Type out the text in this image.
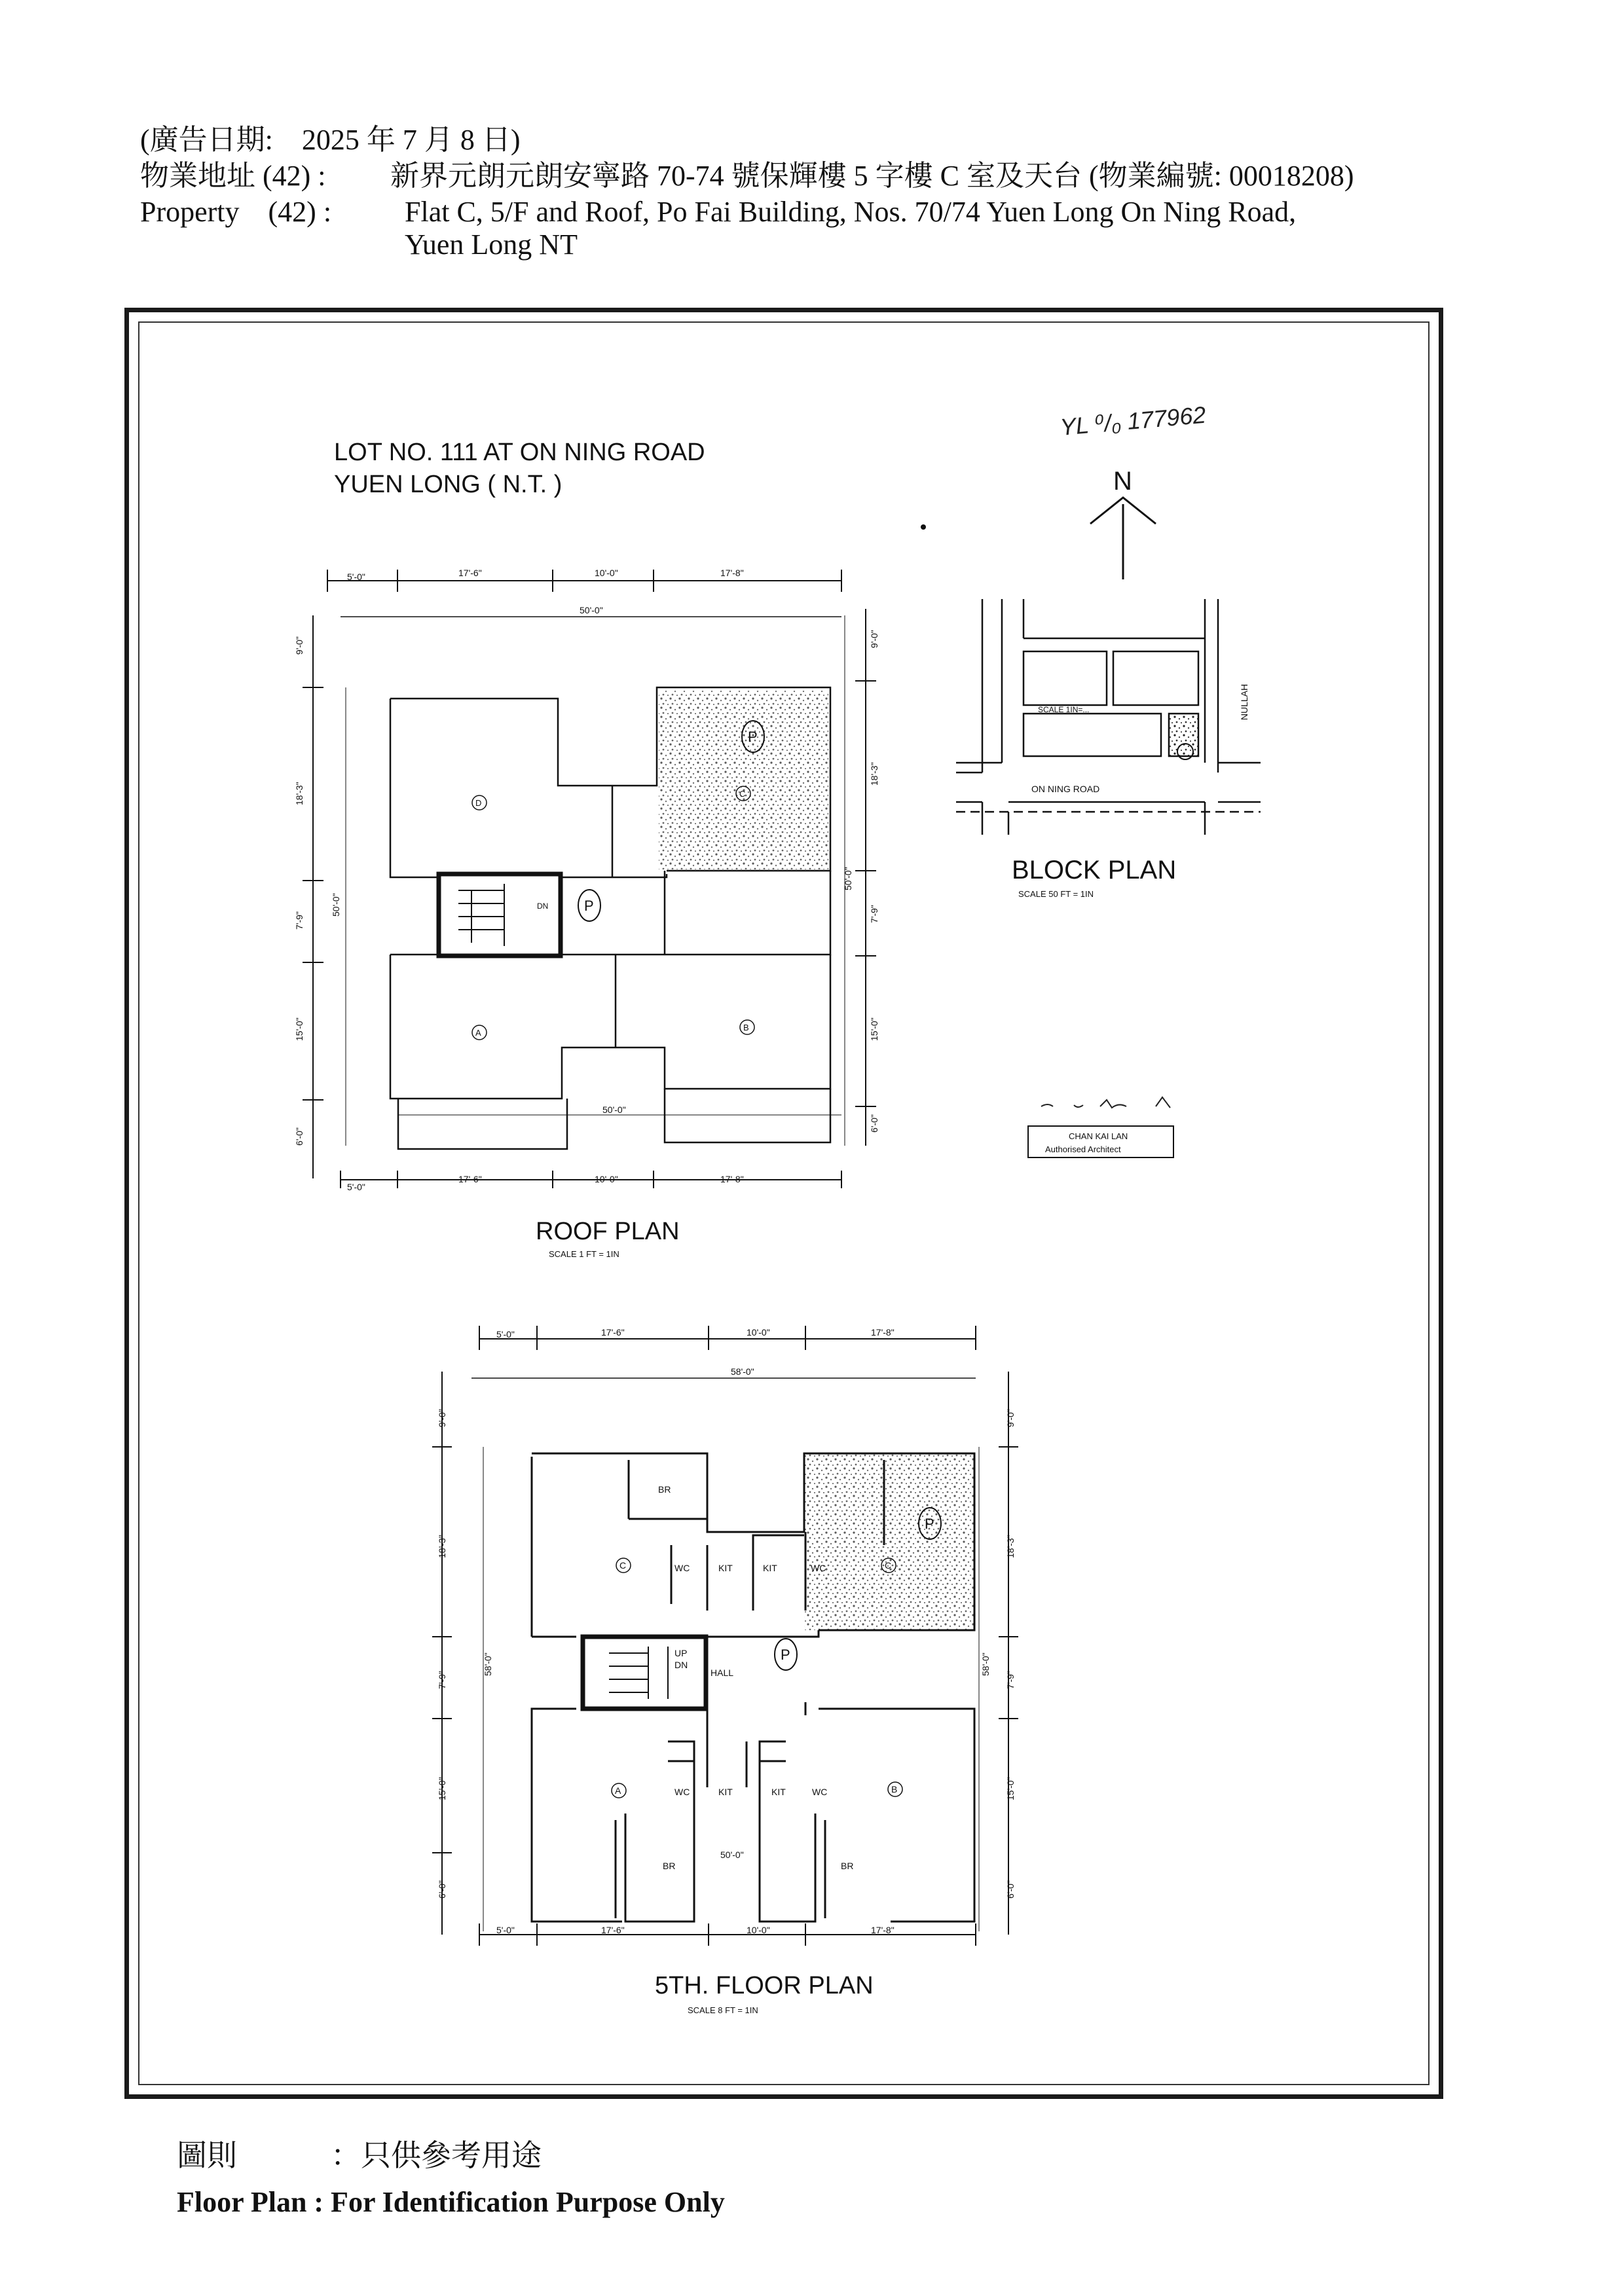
(廣告日期:　2025 年 7 月 8 日)
物業地址 (42) : 新界元朗元朗安寧路 70-74 號保輝樓 5 字樓 C 室及天台 (物業編號: 00018208)
Property　(42) :	Flat C, 5/F and Roof, Po Fai Building, Nos. 70/74 Yuen Long On Ning Road,
Yuen Long NT
LOT NO. 111 AT ON NING ROAD
YUEN LONG ( N.T. )
YL ⁰/₀ 177962
N
SCALE 1IN=...
ON NING ROAD
NULLAH
BLOCK PLAN
SCALE 50 FT = 1IN
CHAN KAI LAN
Authorised Architect
5'-0"	17'-6"	10'-0"	17'-8"
50'-0"
5'-0"
17'-6"	10'-0"	17'-8"
50'-0"
9'-0"
18'-3"
7'-9"
15'-0"
6'-0"
50'-0"
9'-0"
18'-3"
7'-9"
15'-0"
6'-0"
50'-0"
D
A
B
C
P
P
DN
ROOF PLAN
SCALE 1 FT = 1IN
5'-0"	17'-6"	10'-0"	17'-8"
58'-0"
5'-0"	17'-6"	10'-0"	17'-8"
50'-0"
9'-0"
18'-3"
7'-9"
15'-0"
6'-0"
58'-0"
9'-0"
18'-3"
7'-9"
15'-0"
6'-0"
58'-0"
BR
C	WC	KIT	KIT	WC	C
P
P
UP
DN
HALL
A	WC	KIT	KIT	WC	B
BR	BR
5TH. FLOOR PLAN
SCALE 8 FT = 1IN
圖則	：只供參考用途
Floor Plan : For Identification Purpose Only
